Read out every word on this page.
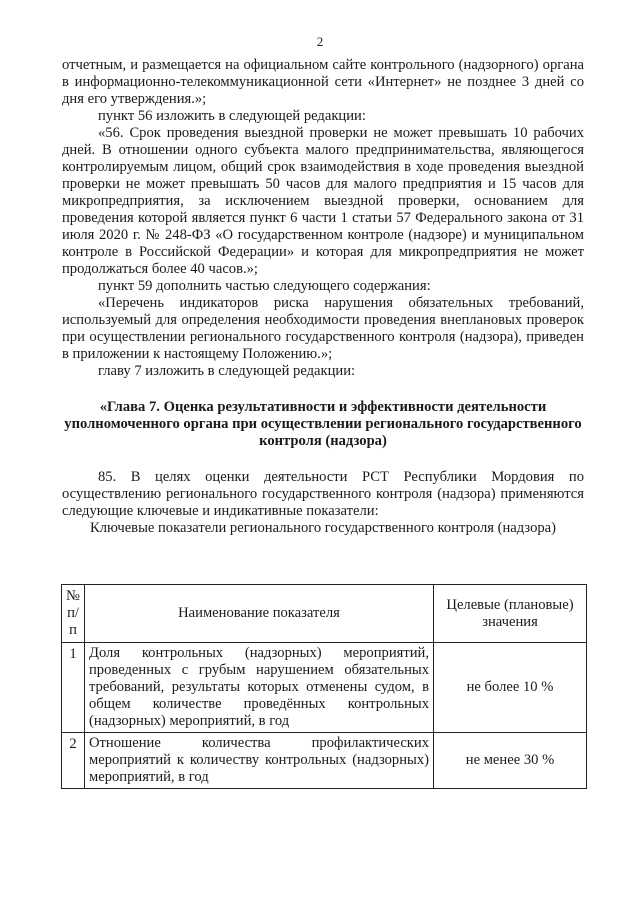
2

отчетным, и размещается на официальном сайте контрольного (надзорного) органа в информационно-телекоммуникационной сети «Интернет» не позднее 3 дней со дня его утверждения.»;

пункт 56 изложить в следующей редакции:

«56. Срок проведения выездной проверки не может превышать 10 рабочих дней. В отношении одного субъекта малого предпринимательства, являющегося контролируемым лицом, общий срок взаимодействия в ходе проведения выездной проверки не может превышать 50 часов для малого предприятия и 15 часов для микропредприятия, за исключением выездной проверки, основанием для проведения которой является пункт 6 части 1 статьи 57 Федерального закона от 31 июля 2020 г. № 248-ФЗ «О государственном контроле (надзоре) и муниципальном контроле в Российской Федерации» и которая для микропредприятия не может продолжаться более 40 часов.»;

пункт 59 дополнить частью следующего содержания:

«Перечень индикаторов риска нарушения обязательных требований, используемый для определения необходимости проведения внеплановых проверок при осуществлении регионального государственного контроля (надзора), приведен в приложении к настоящему Положению.»;

главу 7 изложить в следующей редакции:

«Глава 7. Оценка результативности и эффективности деятельности уполномоченного органа при осуществлении регионального государственного контроля (надзора)

85. В целях оценки деятельности РСТ Республики Мордовия по осуществлению регионального государственного контроля (надзора) применяются следующие ключевые и индикативные показатели:

Ключевые показатели регионального государственного контроля (надзора)

№ п/п	Наименование показателя	Целевые (плановые) значения
1	Доля контрольных (надзорных) мероприятий, проведенных с грубым нарушением обязательных требований, результаты которых отменены судом, в общем количестве проведённых контрольных (надзорных) мероприятий, в год	не более 10 %
2	Отношение количества профилактических мероприятий к количеству контрольных (надзорных) мероприятий, в год	не менее 30 %
